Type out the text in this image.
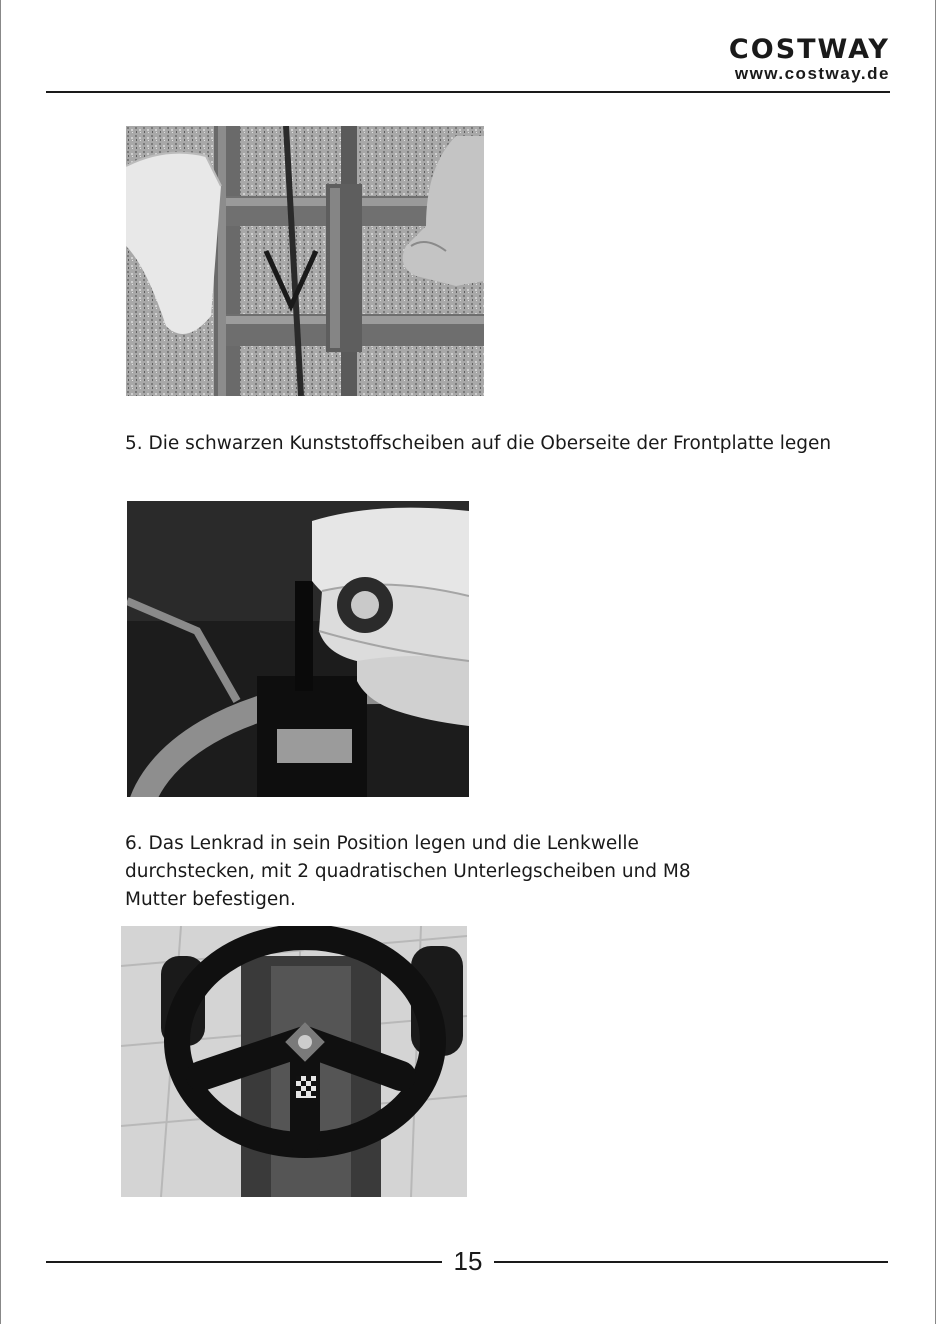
COSTWAY
www.costway.de
5. Die schwarzen Kunststoffscheiben auf die Oberseite der Frontplatte legen
6. Das Lenkrad in sein Position legen und die Lenkwelle
durchstecken, mit 2 quadratischen Unterlegscheiben und M8
Mutter befestigen.
15
